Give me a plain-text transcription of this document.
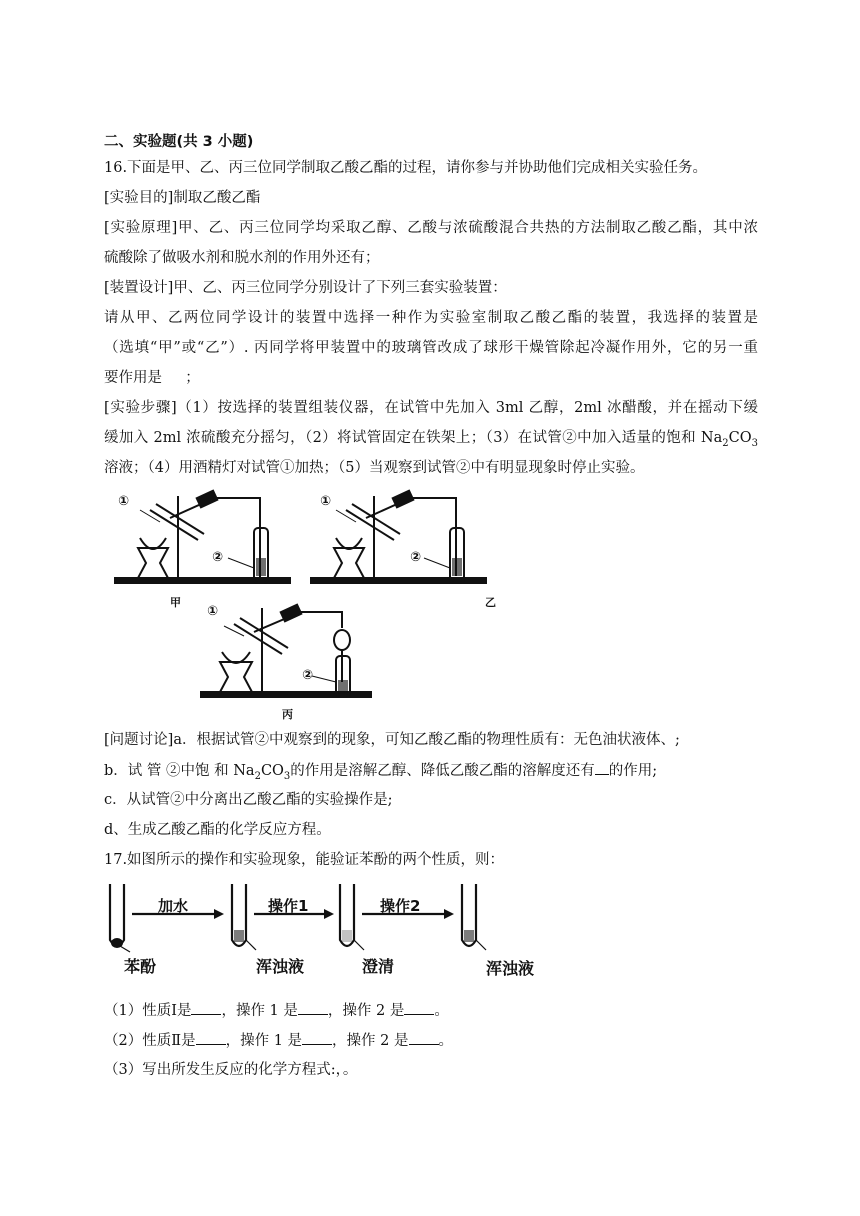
二、实验题(共 3 小题)
16.下面是甲、乙、丙三位同学制取乙酸乙酯的过程，请你参与并协助他们完成相关实验任务。
[实验目的]制取乙酸乙酯
[实验原理]甲、乙、丙三位同学均采取乙醇、乙酸与浓硫酸混合共热的方法制取乙酸乙酯，其中浓
硫酸除了做吸水剂和脱水剂的作用外还有；
[装置设计]甲、乙、丙三位同学分别设计了下列三套实验装置：
请从甲、乙两位同学设计的装置中选择一种作为实验室制取乙酸乙酯的装置，我选择的装置是
（选填“甲”或“乙”）. 丙同学将甲装置中的玻璃管改成了球形干燥管除起冷凝作用外，它的另一重
要作用是 ；
[实验步骤]（1）按选择的装置组装仪器，在试管中先加入 3ml 乙醇，2ml 冰醋酸，并在摇动下缓
缓加入 2ml 浓硫酸充分摇匀，（2）将试管固定在铁架上；（3）在试管②中加入适量的饱和 $Na_2CO_3$
溶液；（4）用酒精灯对试管①加热；（5）当观察到试管②中有明显现象时停止实验。
①
②
甲
①
②
乙
①
②
丙
[问题讨论]a．根据试管②中观察到的现象，可知乙酸乙酯的物理性质有：无色油状液体、;
b．试 管 ②中饱 和 $Na_2CO_3$的作用是溶解乙醇、降低乙酸乙酯的溶解度还有 的作用;
c．从试管②中分离出乙酸乙酯的实验操作是;
d、生成乙酸乙酯的化学反应方程。
17.如图所示的操作和实验现象，能验证苯酚的两个性质，则：
加水	操作1	操作2
苯酚	浑浊液	澄清	浑浊液
（1）性质Ⅰ是 ，操作 1 是 ，操作 2 是 。
（2）性质Ⅱ是 ，操作 1 是 ，操作 2 是 。
（3）写出所发生反应的化学方程式:，。
